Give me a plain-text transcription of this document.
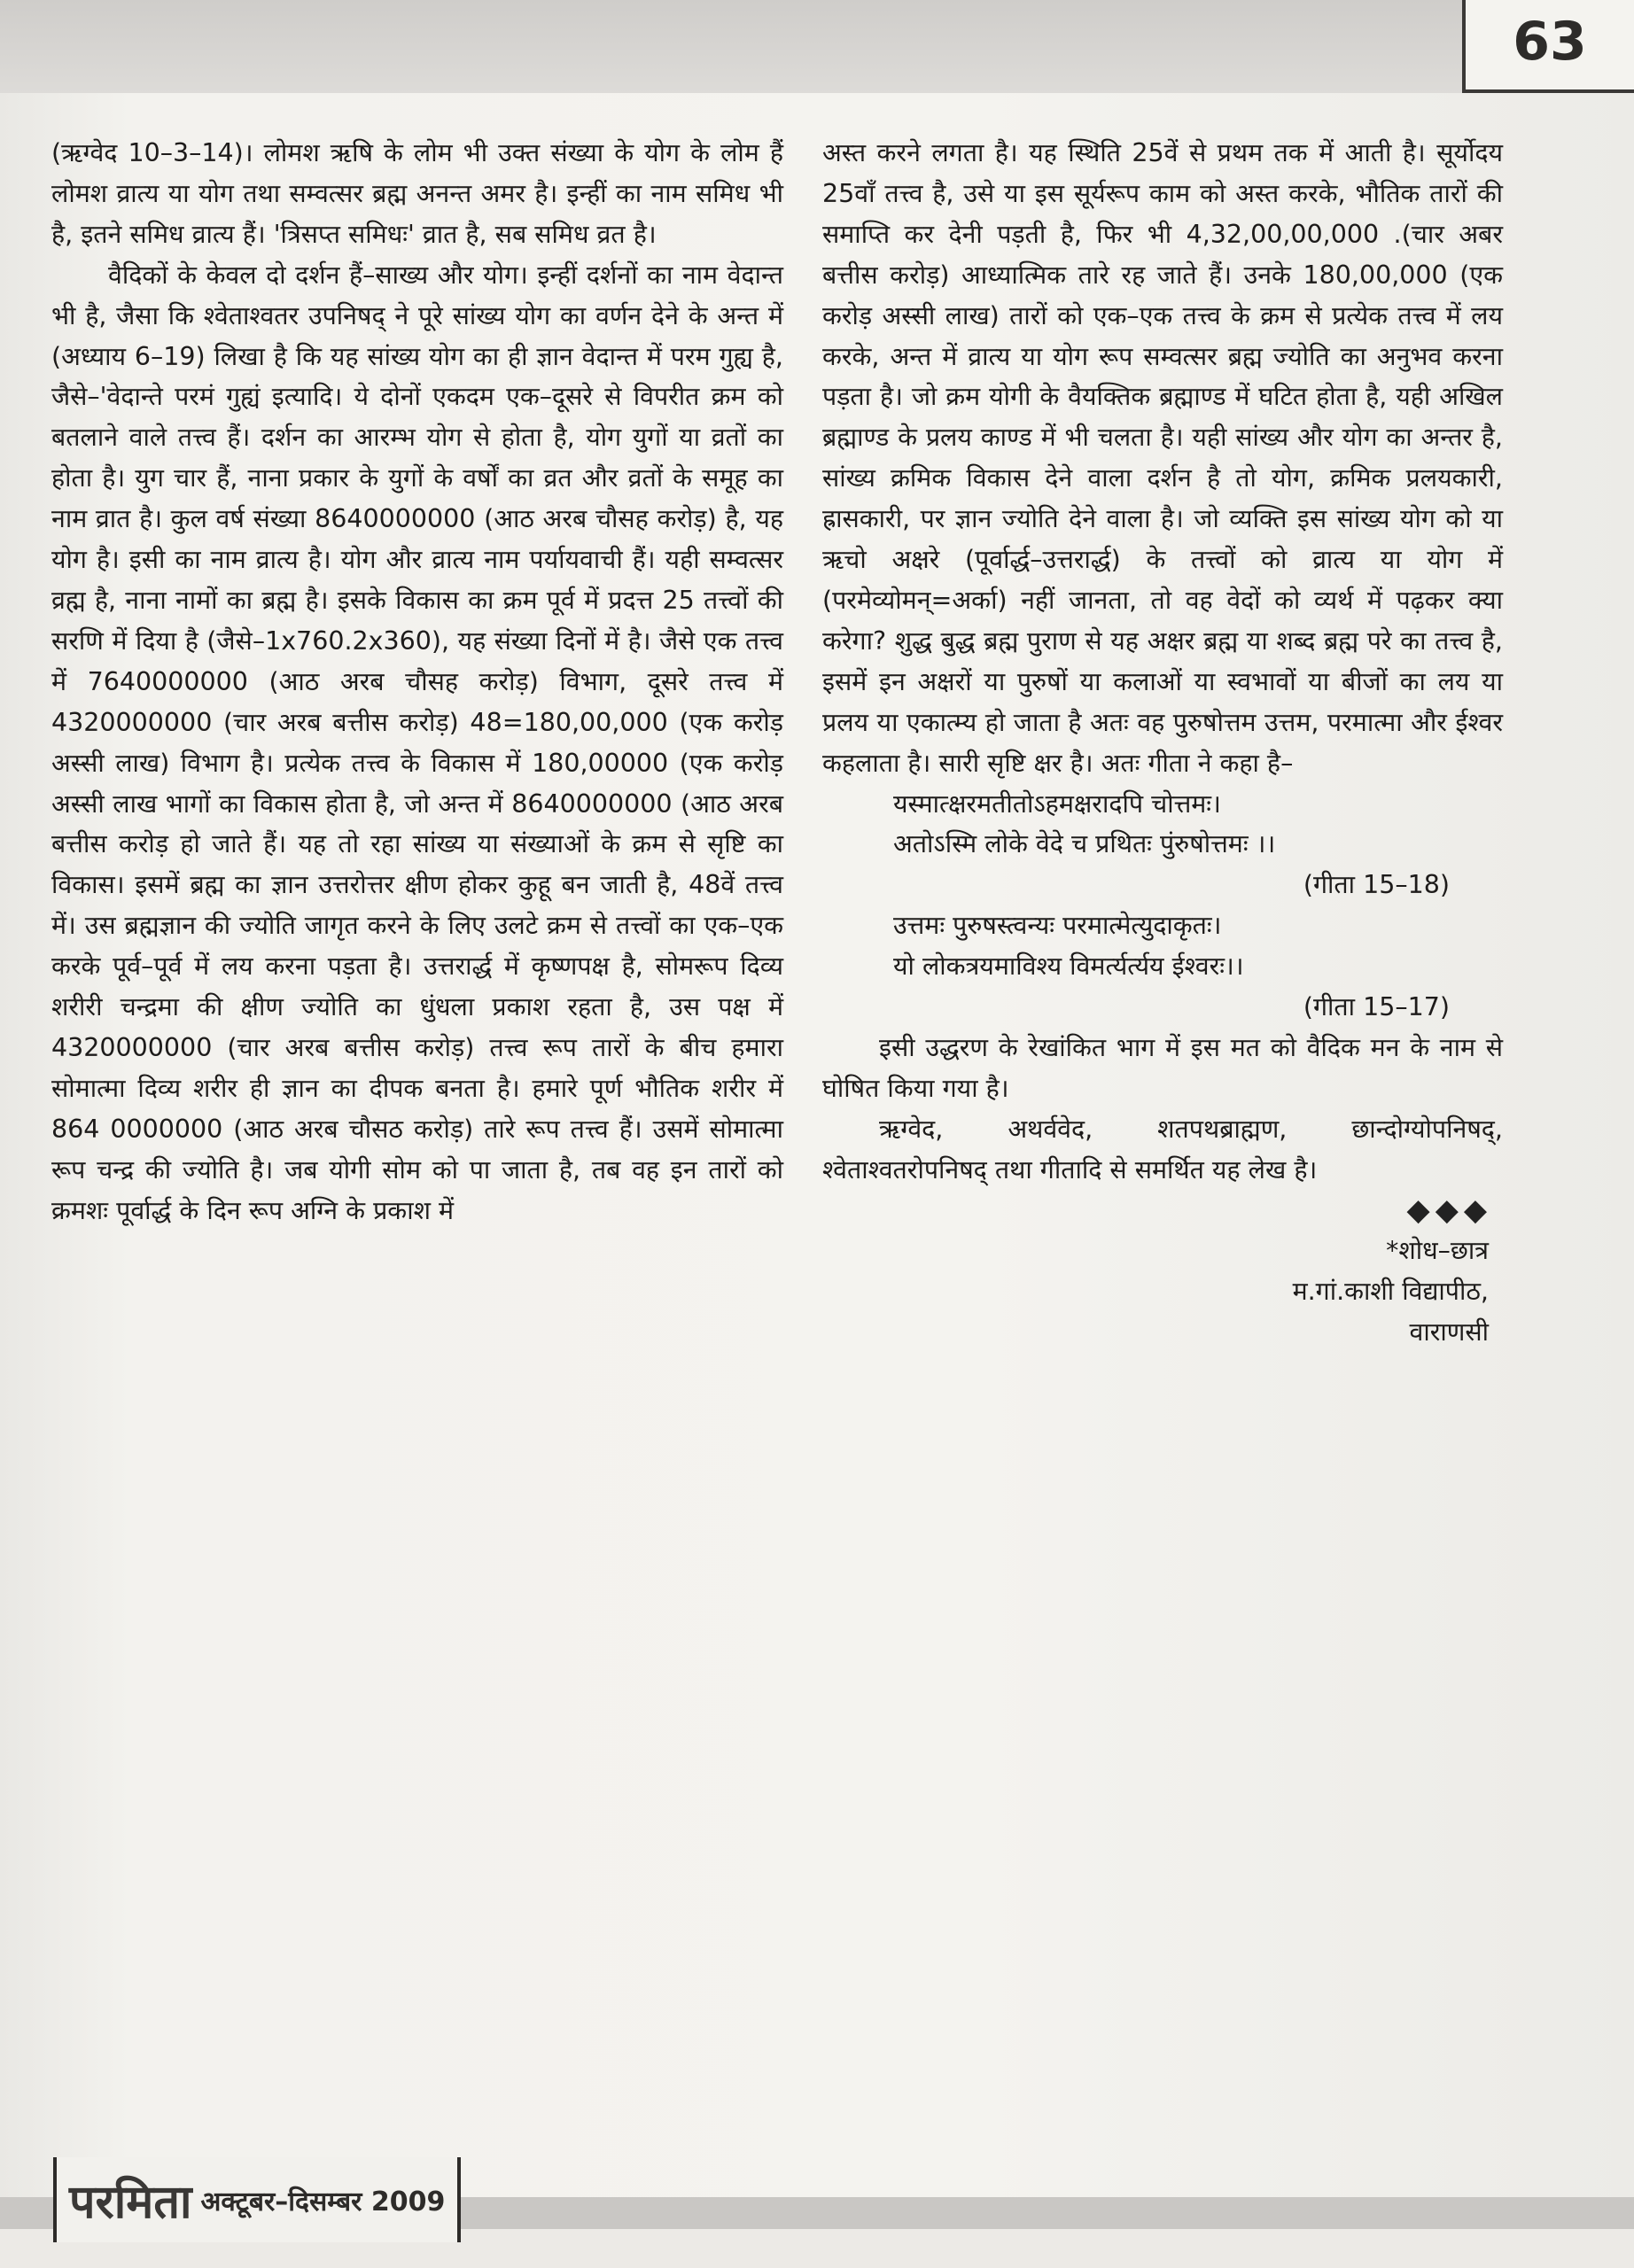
63

(ऋग्वेद 10–3–14)। लोमश ऋषि के लोम भी उक्त संख्या के योग के लोम हैं लोमश व्रात्य या योग तथा सम्वत्सर ब्रह्म अनन्त अमर है। इन्हीं का नाम समिध भी है, इतने समिध व्रात्य हैं। 'त्रिसप्त समिधः' व्रात है, सब समिध व्रत है।

वैदिकों के केवल दो दर्शन हैं–साख्य और योग। इन्हीं दर्शनों का नाम वेदान्त भी है, जैसा कि श्वेताश्वतर उपनिषद् ने पूरे सांख्य योग का वर्णन देने के अन्त में (अध्याय 6–19) लिखा है कि यह सांख्य योग का ही ज्ञान वेदान्त में परम गुह्य है, जैसे–'वेदान्ते परमं गुह्यं इत्यादि। ये दोनों एकदम एक–दूसरे से विपरीत क्रम को बतलाने वाले तत्त्व हैं। दर्शन का आरम्भ योग से होता है, योग युगों या व्रतों का होता है। युग चार हैं, नाना प्रकार के युगों के वर्षों का व्रत और व्रतों के समूह का नाम व्रात है। कुल वर्ष संख्या 8640000000 (आठ अरब चौसह करोड़) है, यह योग है। इसी का नाम व्रात्य है। योग और व्रात्य नाम पर्यायवाची हैं। यही सम्वत्सर व्रह्म है, नाना नामों का ब्रह्म है। इसके विकास का क्रम पूर्व में प्रदत्त 25 तत्त्वों की सरणि में दिया है (जैसे–1x760.2x360), यह संख्या दिनों में है। जैसे एक तत्त्व में 7640000000 (आठ अरब चौसह करोड़) विभाग, दूसरे तत्त्व में 4320000000 (चार अरब बत्तीस करोड़) 48=180,00,000 (एक करोड़ अस्सी लाख) विभाग है। प्रत्येक तत्त्व के विकास में 180,00000 (एक करोड़ अस्सी लाख भागों का विकास होता है, जो अन्त में 8640000000 (आठ अरब बत्तीस करोड़ हो जाते हैं। यह तो रहा सांख्य या संख्याओं के क्रम से सृष्टि का विकास। इसमें ब्रह्म का ज्ञान उत्तरोत्तर क्षीण होकर कुहू बन जाती है, 48वें तत्त्व में। उस ब्रह्मज्ञान की ज्योति जागृत करने के लिए उलटे क्रम से तत्त्वों का एक–एक करके पूर्व–पूर्व में लय करना पड़ता है। उत्तरार्द्ध में कृष्णपक्ष है, सोमरूप दिव्य शरीरी चन्द्रमा की क्षीण ज्योति का धुंधला प्रकाश रहता है, उस पक्ष में 4320000000 (चार अरब बत्तीस करोड़) तत्त्व रूप तारों के बीच हमारा सोमात्मा दिव्य शरीर ही ज्ञान का दीपक बनता है। हमारे पूर्ण भौतिक शरीर में 864 0000000 (आठ अरब चौसठ करोड़) तारे रूप तत्त्व हैं। उसमें सोमात्मा रूप चन्द्र की ज्योति है। जब योगी सोम को पा जाता है, तब वह इन तारों को क्रमशः पूर्वार्द्ध के दिन रूप अग्नि के प्रकाश में

अस्त करने लगता है। यह स्थिति 25वें से प्रथम तक में आती है। सूर्योदय 25वाँ तत्त्व है, उसे या इस सूर्यरूप काम को अस्त करके, भौतिक तारों की समाप्ति कर देनी पड़ती है, फिर भी 4,32,00,00,000 .(चार अबर बत्तीस करोड़) आध्यात्मिक तारे रह जाते हैं। उनके 180,00,000 (एक करोड़ अस्सी लाख) तारों को एक–एक तत्त्व के क्रम से प्रत्येक तत्त्व में लय करके, अन्त में व्रात्य या योग रूप सम्वत्सर ब्रह्म ज्योति का अनुभव करना पड़ता है। जो क्रम योगी के वैयक्तिक ब्रह्माण्ड में घटित होता है, यही अखिल ब्रह्माण्ड के प्रलय काण्ड में भी चलता है। यही सांख्य और योग का अन्तर है, सांख्य क्रमिक विकास देने वाला दर्शन है तो योग, क्रमिक प्रलयकारी, ह्रासकारी, पर ज्ञान ज्योति देने वाला है। जो व्यक्ति इस सांख्य योग को या ऋचो अक्षरे (पूर्वार्द्ध–उत्तरार्द्ध) के तत्त्वों को व्रात्य या योग में (परमेव्योमन्=अर्का) नहीं जानता, तो वह वेदों को व्यर्थ में पढ़कर क्या करेगा? शुद्ध बुद्ध ब्रह्म पुराण से यह अक्षर ब्रह्म या शब्द ब्रह्म परे का तत्त्व है, इसमें इन अक्षरों या पुरुषों या कलाओं या स्वभावों या बीजों का लय या प्रलय या एकात्म्य हो जाता है अतः वह पुरुषोत्तम उत्तम, परमात्मा और ईश्वर कहलाता है। सारी सृष्टि क्षर है। अतः गीता ने कहा है–

यस्मात्क्षरमतीतोऽहमक्षरादपि चोत्तमः।

अतोऽस्मि लोके वेदे च प्रथितः पुंरुषोत्तमः ।।

(गीता 15–18)

उत्तमः पुरुषस्त्वन्यः परमात्मेत्युदाकृतः।

यो लोकत्रयमाविश्य विमर्त्यर्त्यय ईश्वरः।।

(गीता 15–17)

इसी उद्धरण के रेखांकित भाग में इस मत को वैदिक मन के नाम से घोषित किया गया है।

ऋग्वेद, अथर्ववेद, शतपथब्राह्मण, छान्दोग्योपनिषद्, श्वेताश्वतरोपनिषद् तथा गीतादि से समर्थित यह लेख है।

◆◆◆

*शोध–छात्र

म.गां.काशी विद्यापीठ,

वाराणसी

परमिता अक्टूबर–दिसम्बर 2009
